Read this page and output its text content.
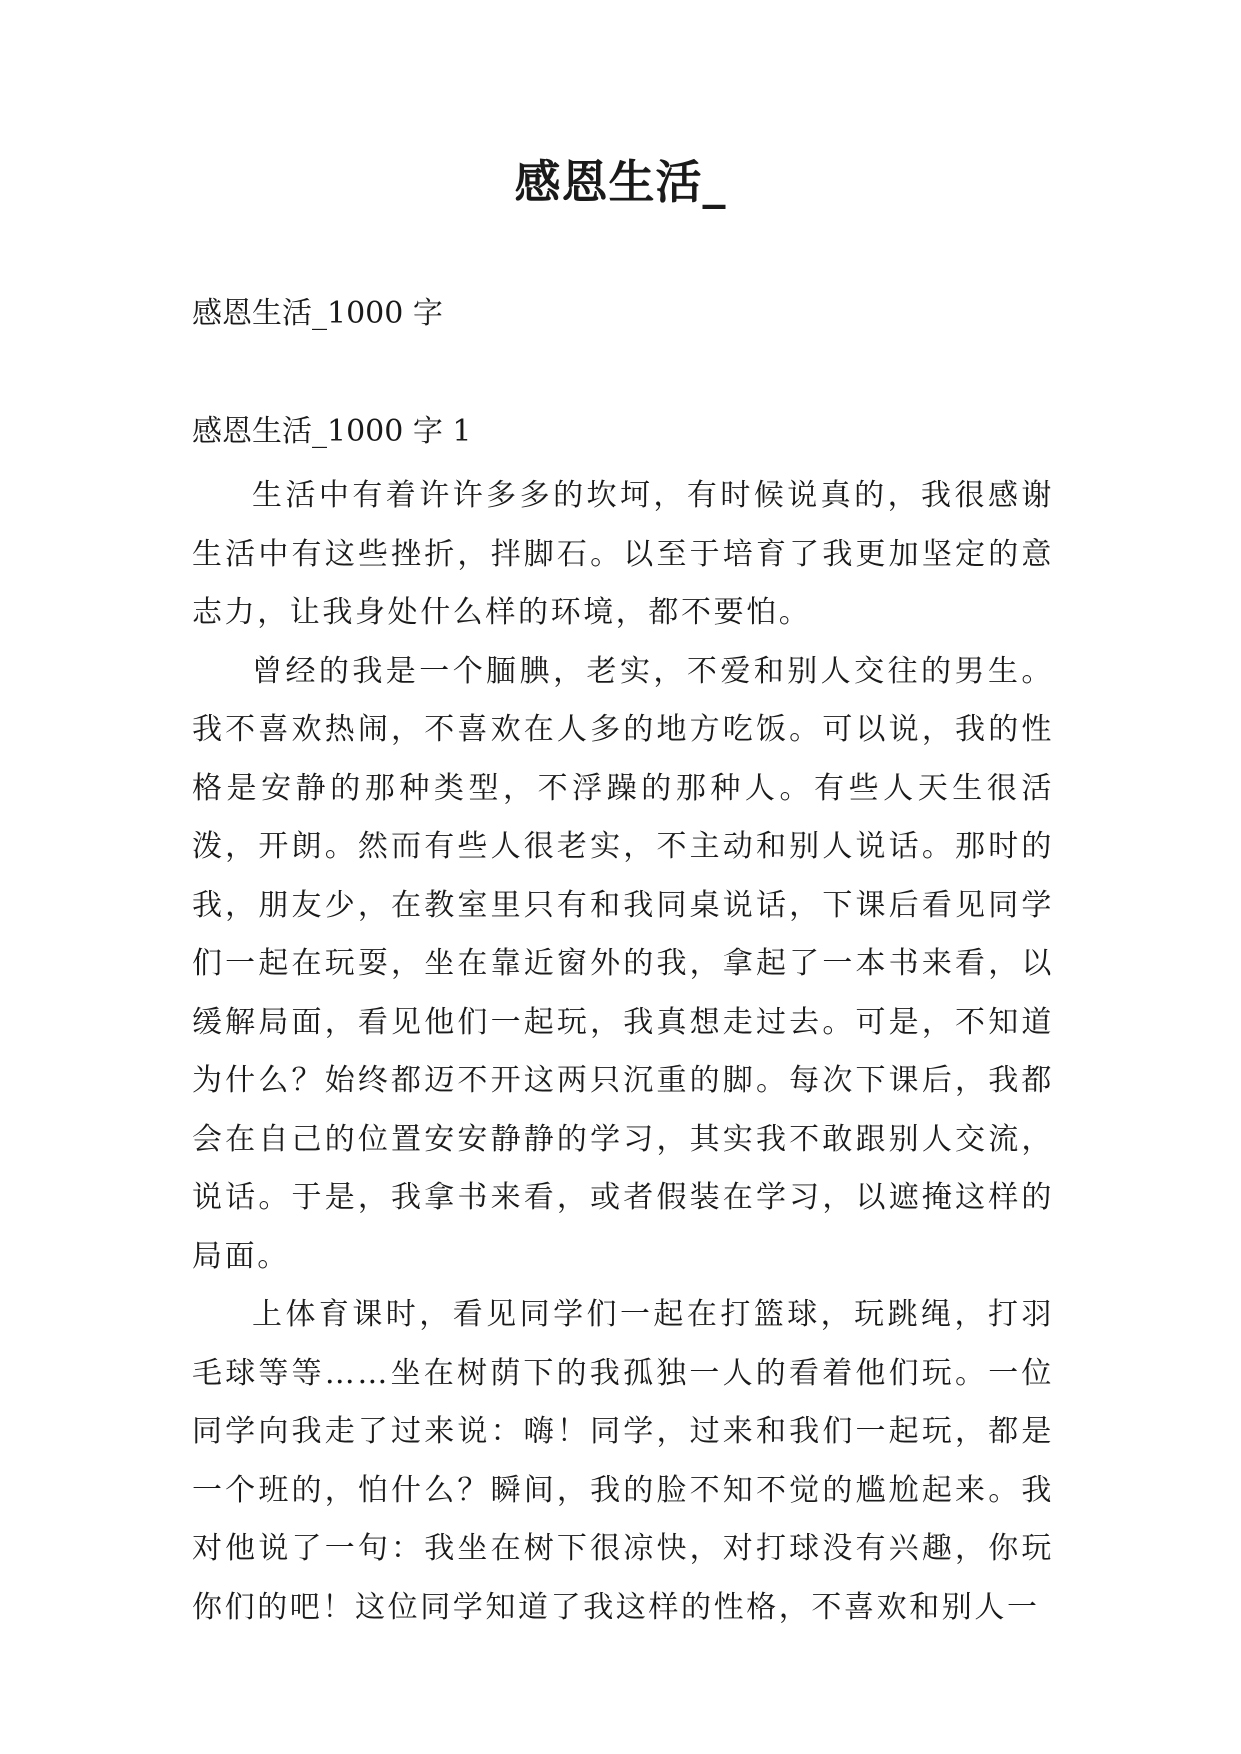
感恩生活_
感恩生活_1000 字
感恩生活_1000 字 1

生活中有着许许多多的坎坷，有时候说真的，我很感谢生活中有这些挫折，拌脚石。以至于培育了我更加坚定的意志力，让我身处什么样的环境，都不要怕。

曾经的我是一个腼腆，老实，不爱和别人交往的男生。我不喜欢热闹，不喜欢在人多的地方吃饭。可以说，我的性格是安静的那种类型，不浮躁的那种人。有些人天生很活泼，开朗。然而有些人很老实，不主动和别人说话。那时的我，朋友少，在教室里只有和我同桌说话，下课后看见同学们一起在玩耍，坐在靠近窗外的我，拿起了一本书来看，以缓解局面，看见他们一起玩，我真想走过去。可是，不知道为什么？始终都迈不开这两只沉重的脚。每次下课后，我都会在自己的位置安安静静的学习，其实我不敢跟别人交流，说话。于是，我拿书来看，或者假装在学习，以遮掩这样的局面。

上体育课时，看见同学们一起在打篮球，玩跳绳，打羽毛球等等……坐在树荫下的我孤独一人的看着他们玩。一位同学向我走了过来说：嗨！同学，过来和我们一起玩，都是一个班的，怕什么？瞬间，我的脸不知不觉的尴尬起来。我对他说了一句：我坐在树下很凉快，对打球没有兴趣，你玩你们的吧！这位同学知道了我这样的性格，不喜欢和别人一
